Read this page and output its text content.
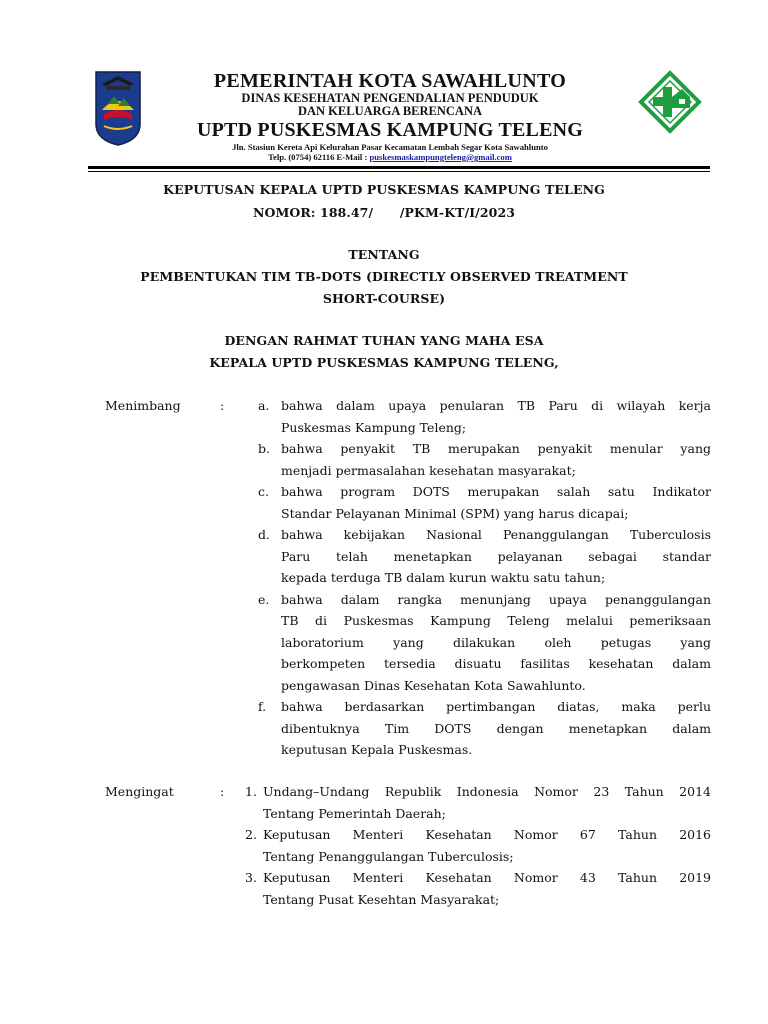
PEMERINTAH KOTA SAWAHLUNTO
DINAS KESEHATAN PENGENDALIAN PENDUDUK
DAN KELUARGA BERENCANA
UPTD PUSKESMAS KAMPUNG TELENG
Jln. Stasiun Kereta Api Kelurahan Pasar Kecamatan Lembah Segar Kota Sawahlunto
Telp. (0754) 62116 E-Mail : puskesmaskampungteleng@gmail.com
KEPUTUSAN KEPALA UPTD PUSKESMAS KAMPUNG TELENG
NOMOR: 188.47/      /PKM-KT/I/2023
TENTANG
PEMBENTUKAN TIM TB-DOTS (DIRECTLY OBSERVED TREATMENT
SHORT-COURSE)
DENGAN RAHMAT TUHAN YANG MAHA ESA
KEPALA UPTD PUSKESMAS KAMPUNG TELENG,
Menimbang	:	a. bahwa dalam upaya penularan TB Paru di wilayah kerja
Puskesmas Kampung Teleng;
b. bahwa penyakit TB merupakan penyakit menular yang
menjadi permasalahan kesehatan masyarakat;
c. bahwa program DOTS merupakan salah satu Indikator
Standar Pelayanan Minimal (SPM) yang harus dicapai;
d. bahwa kebijakan Nasional Penanggulangan Tuberculosis
Paru telah menetapkan pelayanan sebagai standar
kepada terduga TB dalam kurun waktu satu tahun;
e. bahwa dalam rangka menunjang upaya penanggulangan
TB di Puskesmas Kampung Teleng melalui pemeriksaan
laboratorium yang dilakukan oleh petugas yang
berkompeten tersedia disuatu fasilitas kesehatan dalam
pengawasan Dinas Kesehatan Kota Sawahlunto.
f.	bahwa berdasarkan pertimbangan diatas, maka perlu
dibentuknya Tim DOTS dengan menetapkan dalam
keputusan Kepala Puskesmas.
Mengingat	: 1. Undang–Undang Republik Indonesia Nomor 23 Tahun 2014
Tentang Pemerintah Daerah;
2. Keputusan Menteri Kesehatan Nomor 67 Tahun 2016
Tentang Penanggulangan Tuberculosis;
3. Keputusan Menteri Kesehatan Nomor 43 Tahun 2019
Tentang Pusat Kesehtan Masyarakat;
